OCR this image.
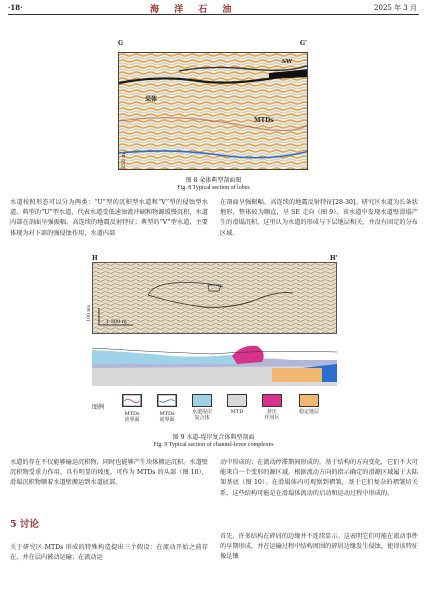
·18·	海 洋 石 油	2025 年 3 月
G	G'
SW
朵体
MTDs
250 m
图 8 朵体典型剖面图
Fig. 8 Typical section of lobes
水道按照形态可以分为两类：“U”型的沉积型水道和“V”型的侵蚀型水道。典型的“U”型水道，代表水道受低速浊流冲刷和物源缓慢沉积，水道内部在剖面呈强振幅、高连续的地震反射特征；典型的“V”型水道，主要体现为对下部的强侵蚀作用，水道内部
在剖面呈强振幅、高连续的地震反射特征[28-30]。研究区水道为长条状地形，整体较为顺直，呈 SE 走向（图 9）。该水道中发现水道壁滑塌产生的滑塌沉积，这里认为水道的形成与下层地层相关，并没有固定的分布区域。
H	H'
1 500 m
100 ms
图例
MTDs
顶界面
MTDs
底界面
水道堤岸
复合体
MTD	挤压
作用区
稳定地层
图 9 水道-堤岸复合体典型剖面
Fig. 9 Typical section of channel-levee complexes
水道的存在不仅能够输运沉积物，同时也能够产生块体搬运沉积。水道壁沉积物受重力作用，具有明显的坡度，可作为 MTDs 的头部（图 10），滑塌沉积物顺着水道壁搬运到水道底部。
动中形成的；在流动停滞期间形成的。基于结构的方向变化，它们不大可能来自一个变形的源区域，根据流动方向的指示确定的滑源区域属于大陆架基底（图 10）。在滑塌体内可观察到褶皱，基于它们复杂的褶皱切关系，这些结构可能是在滑塌体流动的启动和运动过程中形成的。
5 讨论
关于研究区 MTDs 形成的特殊构造提出三个假设：在流动开始之前存在，并在层内被动运输；在流动运
首先，许多结构在碎屑的边缘并不连续显示。这表明它们可能在流动事件的早期形成，并在运输过程中结构周围的碎屑边缘发生侵蚀，使得该特征像是镶
